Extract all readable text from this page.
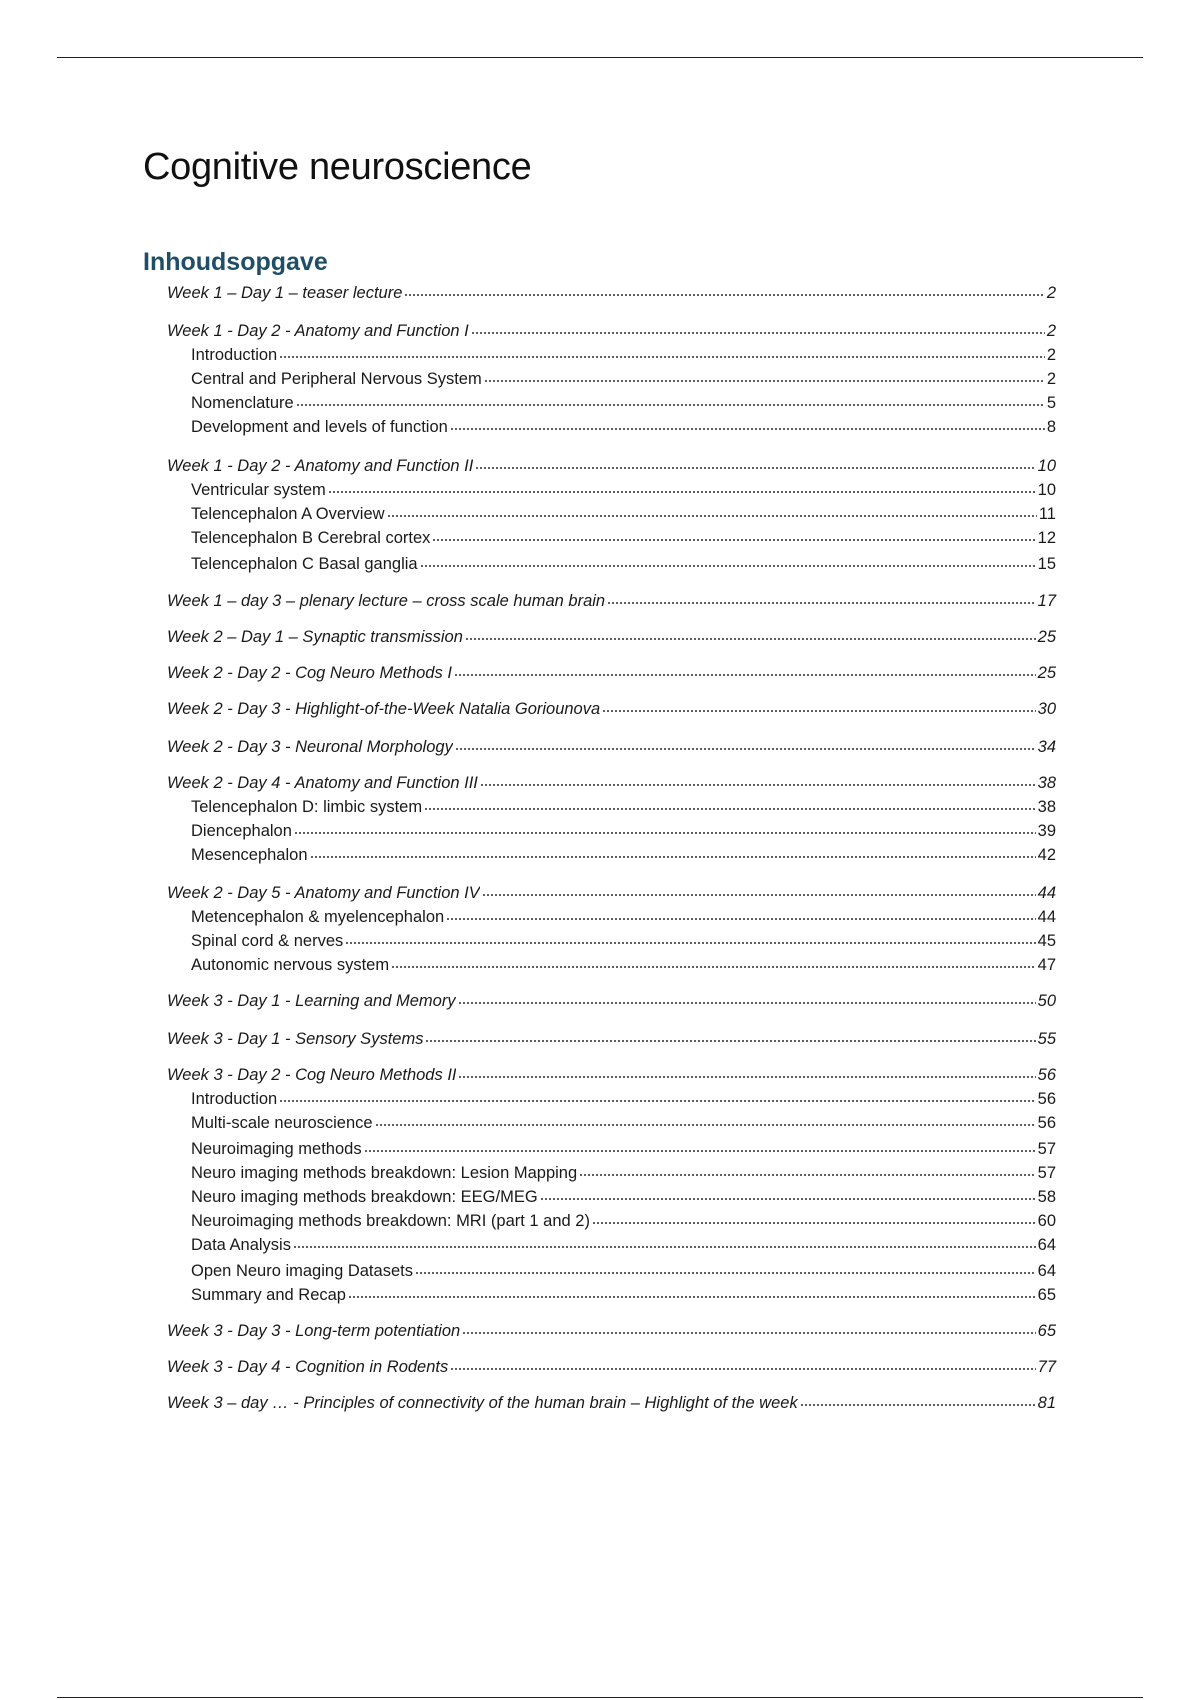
Cognitive neuroscience
Inhoudsopgave
Week 1 – Day 1 – teaser lecture	2
Week 1 - Day 2 - Anatomy and Function I	2
Introduction	2
Central and Peripheral Nervous System	2
Nomenclature	5
Development and levels of function	8
Week 1 - Day 2 - Anatomy and Function II	10
Ventricular system	10
Telencephalon A Overview	11
Telencephalon B Cerebral cortex	12
Telencephalon C Basal ganglia	15
Week 1 – day 3 – plenary lecture – cross scale human brain	17
Week 2 – Day 1 – Synaptic transmission	25
Week 2 - Day 2 - Cog Neuro Methods I	25
Week 2 - Day 3 - Highlight-of-the-Week Natalia Goriounova	30
Week 2 - Day 3 - Neuronal Morphology	34
Week 2 - Day 4 - Anatomy and Function III	38
Telencephalon D: limbic system	38
Diencephalon	39
Mesencephalon	42
Week 2 - Day 5 - Anatomy and Function IV	44
Metencephalon & myelencephalon	44
Spinal cord & nerves	45
Autonomic nervous system	47
Week 3 - Day 1 - Learning and Memory	50
Week 3 - Day 1 - Sensory Systems	55
Week 3 - Day 2 - Cog Neuro Methods II	56
Introduction	56
Multi-scale neuroscience	56
Neuroimaging methods	57
Neuro imaging methods breakdown: Lesion Mapping	57
Neuro imaging methods breakdown: EEG/MEG	58
Neuroimaging methods breakdown: MRI (part 1 and 2)	60
Data Analysis	64
Open Neuro imaging Datasets	64
Summary and Recap	65
Week 3 - Day 3 - Long-term potentiation	65
Week 3 - Day 4 - Cognition in Rodents	77
Week 3 – day … - Principles of connectivity of the human brain – Highlight of the week	81
